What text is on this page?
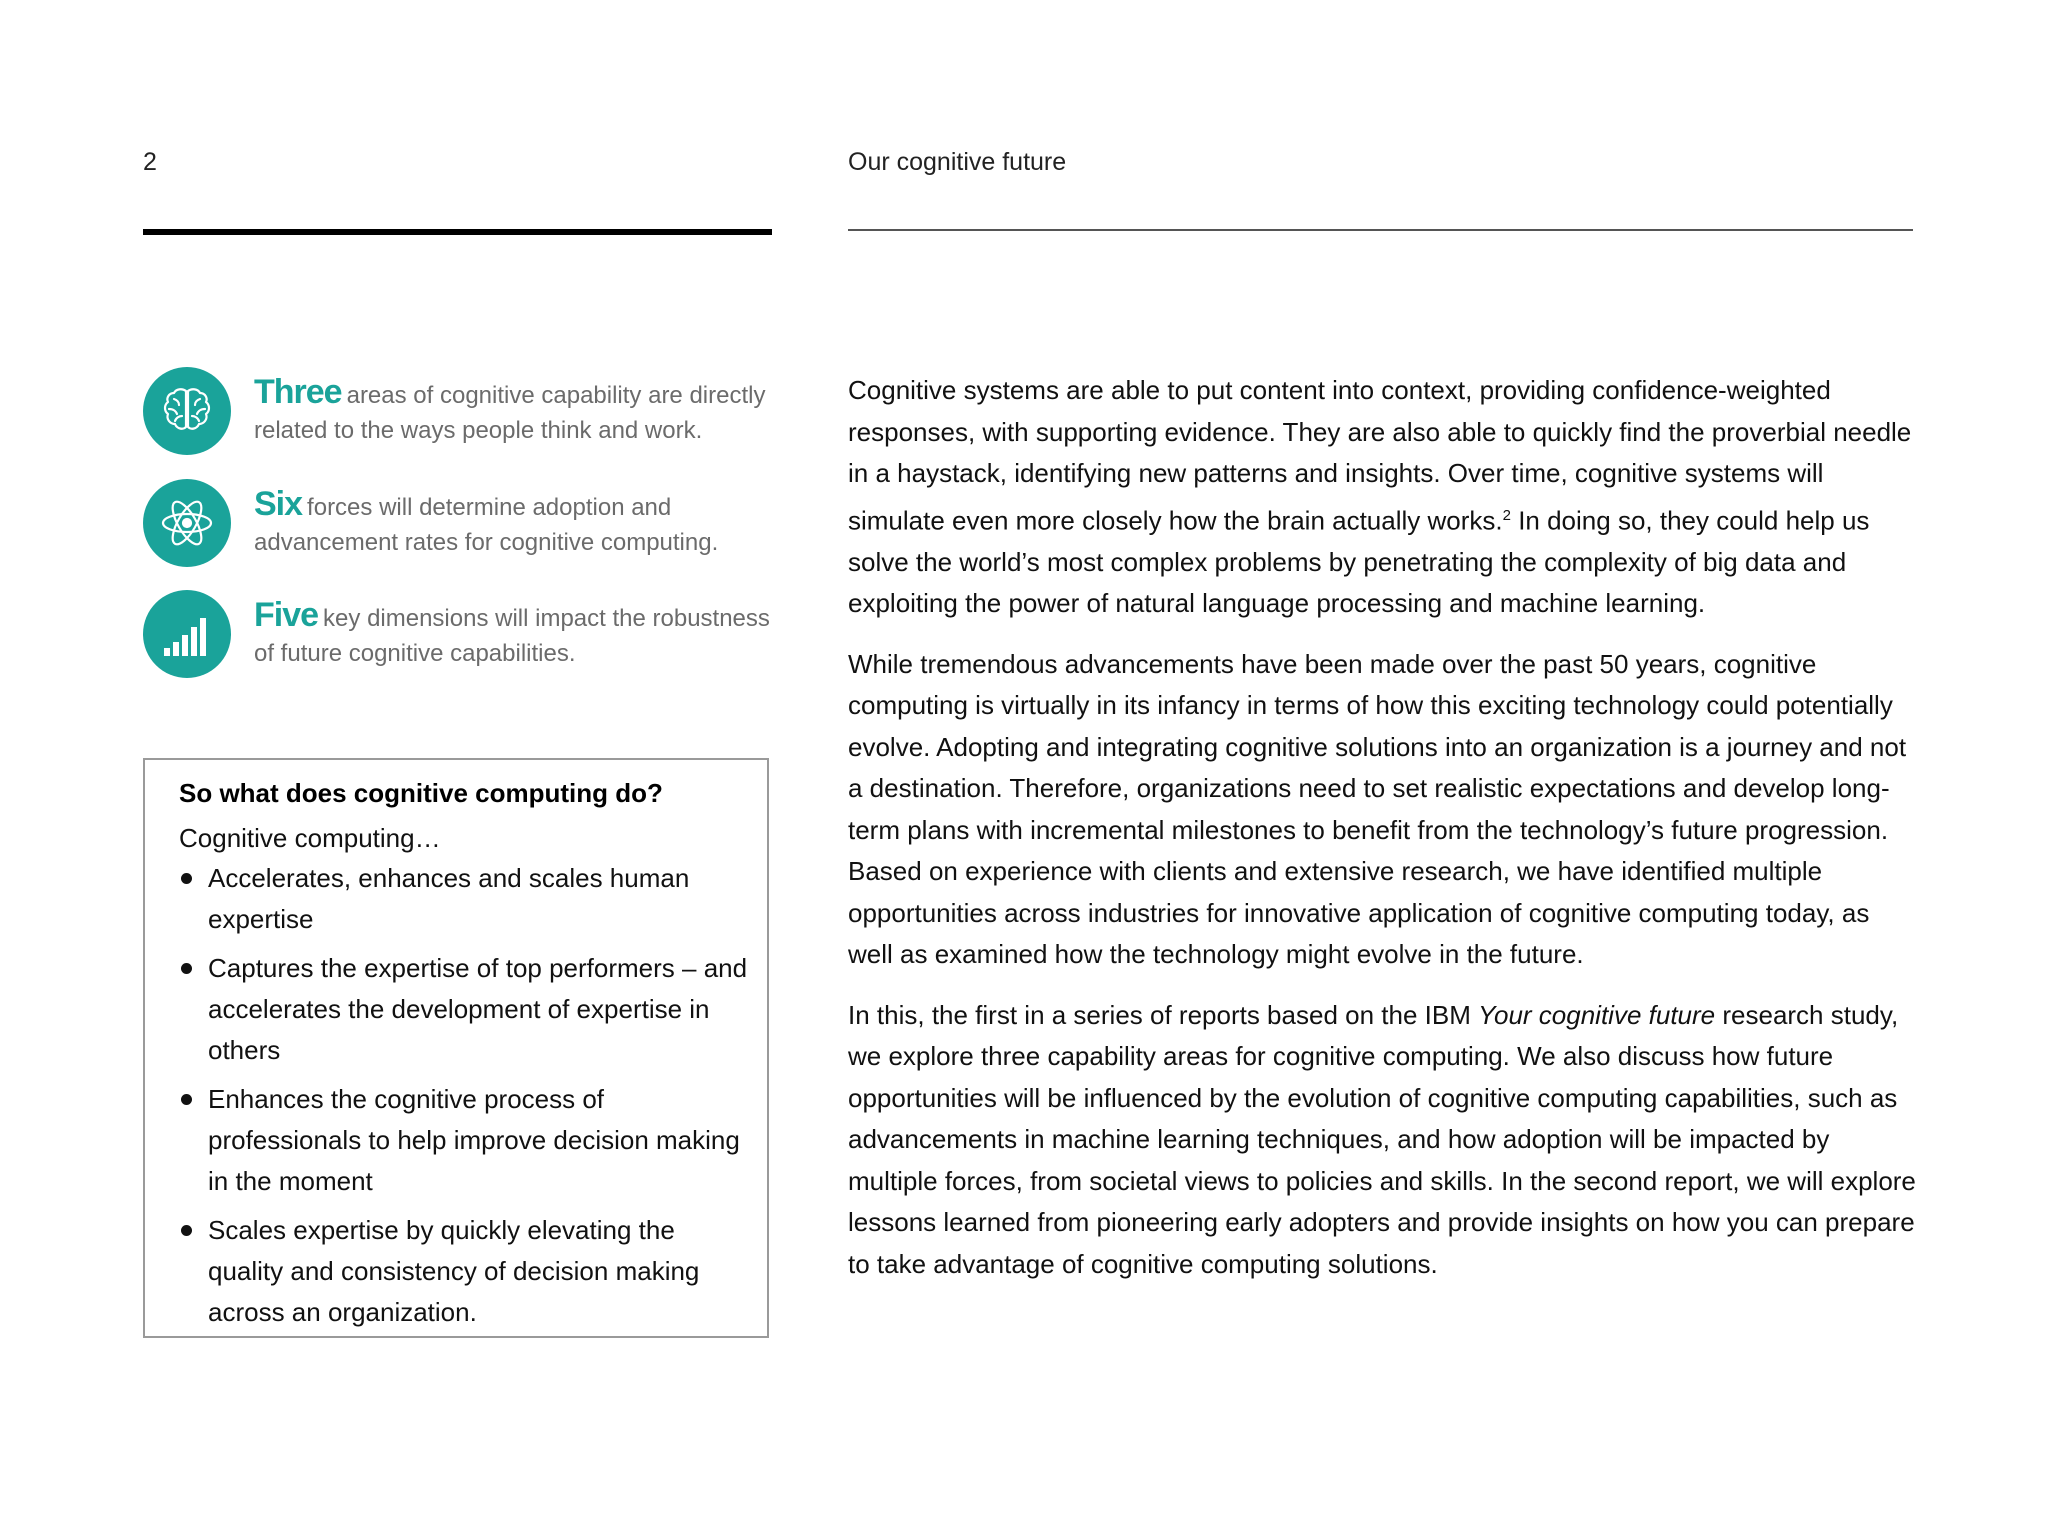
2	Our cognitive future
Three areas of cognitive capability are directly related to the ways people think and work.
Six forces will determine adoption and advancement rates for cognitive computing.
Five key dimensions will impact the robustness of future cognitive capabilities.
So what does cognitive computing do?
Cognitive computing…
Accelerates, enhances and scales human expertise
Captures the expertise of top performers – and accelerates the development of expertise in others
Enhances the cognitive process of professionals to help improve decision making in the moment
Scales expertise by quickly elevating the quality and consistency of decision making across an organization.

Cognitive systems are able to put content into context, providing confidence-weighted responses, with supporting evidence. They are also able to quickly find the proverbial needle in a haystack, identifying new patterns and insights. Over time, cognitive systems will simulate even more closely how the brain actually works.$^2$ In doing so, they could help us solve the world’s most complex problems by penetrating the complexity of big data and exploiting the power of natural language processing and machine learning.

While tremendous advancements have been made over the past 50 years, cognitive computing is virtually in its infancy in terms of how this exciting technology could potentially evolve. Adopting and integrating cognitive solutions into an organization is a journey and not a destination. Therefore, organizations need to set realistic expectations and develop long-term plans with incremental milestones to benefit from the technology’s future progression. Based on experience with clients and extensive research, we have identified multiple opportunities across industries for innovative application of cognitive computing today, as well as examined how the technology might evolve in the future.

In this, the first in a series of reports based on the IBM Your cognitive future research study, we explore three capability areas for cognitive computing. We also discuss how future opportunities will be influenced by the evolution of cognitive computing capabilities, such as advancements in machine learning techniques, and how adoption will be impacted by multiple forces, from societal views to policies and skills. In the second report, we will explore lessons learned from pioneering early adopters and provide insights on how you can prepare to take advantage of cognitive computing solutions.
